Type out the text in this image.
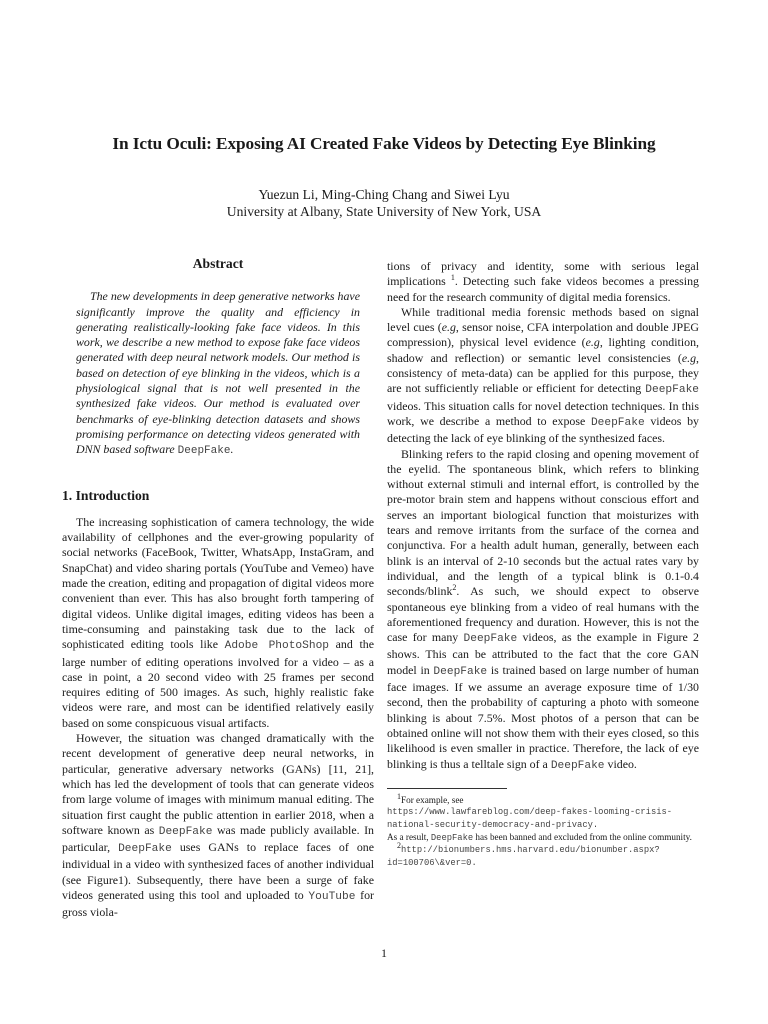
In Ictu Oculi: Exposing AI Created Fake Videos by Detecting Eye Blinking
Yuezun Li, Ming-Ching Chang and Siwei Lyu
University at Albany, State University of New York, USA
Abstract

The new developments in deep generative networks have significantly improve the quality and efficiency in generating realistically-looking fake face videos. In this work, we describe a new method to expose fake face videos generated with deep neural network models. Our method is based on detection of eye blinking in the videos, which is a physiological signal that is not well presented in the synthesized fake videos. Our method is evaluated over benchmarks of eye-blinking detection datasets and shows promising performance on detecting videos generated with DNN based software DeepFake.

1. Introduction

The increasing sophistication of camera technology, the wide availability of cellphones and the ever-growing popularity of social networks (FaceBook, Twitter, WhatsApp, InstaGram, and SnapChat) and video sharing portals (YouTube and Vemeo) have made the creation, editing and propagation of digital videos more convenient than ever. This has also brought forth tampering of digital videos. Unlike digital images, editing videos has been a time-consuming and painstaking task due to the lack of sophisticated editing tools like Adobe PhotoShop and the large number of editing operations involved for a video – as a case in point, a 20 second video with 25 frames per second requires editing of 500 images. As such, highly realistic fake videos were rare, and most can be identified relatively easily based on some conspicuous visual artifacts.

However, the situation was changed dramatically with the recent development of generative deep neural networks, in particular, generative adversary networks (GANs) [11, 21], which has led the development of tools that can generate videos from large volume of images with minimum manual editing. The situation first caught the public attention in earlier 2018, when a software known as DeepFake was made publicly available. In particular, DeepFake uses GANs to replace faces of one individual in a video with synthesized faces of another individual (see Figure1). Subsequently, there have been a surge of fake videos generated using this tool and uploaded to YouTube for gross viola-

tions of privacy and identity, some with serious legal implications $^1$. Detecting such fake videos becomes a pressing need for the research community of digital media forensics.

While traditional media forensic methods based on signal level cues (e.g, sensor noise, CFA interpolation and double JPEG compression), physical level evidence (e.g, lighting condition, shadow and reflection) or semantic level consistencies (e.g, consistency of meta-data) can be applied for this purpose, they are not sufficiently reliable or efficient for detecting DeepFake videos. This situation calls for novel detection techniques. In this work, we describe a method to expose DeepFake videos by detecting the lack of eye blinking of the synthesized faces.

Blinking refers to the rapid closing and opening movement of the eyelid. The spontaneous blink, which refers to blinking without external stimuli and internal effort, is controlled by the pre-motor brain stem and happens without conscious effort and serves an important biological function that moisturizes with tears and remove irritants from the surface of the cornea and conjunctiva. For a health adult human, generally, between each blink is an interval of 2-10 seconds but the actual rates vary by individual, and the length of a typical blink is 0.1-0.4 seconds/blink$^2$. As such, we should expect to observe spontaneous eye blinking from a video of real humans with the aforementioned frequency and duration. However, this is not the case for many DeepFake videos, as the example in Figure 2 shows. This can be attributed to the fact that the core GAN model in DeepFake is trained based on large number of human face images. If we assume an average exposure time of 1/30 second, then the probability of capturing a photo with someone blinking is about 7.5%. Most photos of a person that can be obtained online will not show them with their eyes closed, so this likelihood is even smaller in practice. Therefore, the lack of eye blinking is thus a telltale sign of a DeepFake video.

$^1$For example, see

https://www.lawfareblog.com/deep-fakes-looming-crisis-national-security-democracy-and-privacy.

As a result, DeepFake has been banned and excluded from the online community.

$^2$http://bionumbers.hms.harvard.edu/bionumber.aspx?id=100706\&ver=0.

1
